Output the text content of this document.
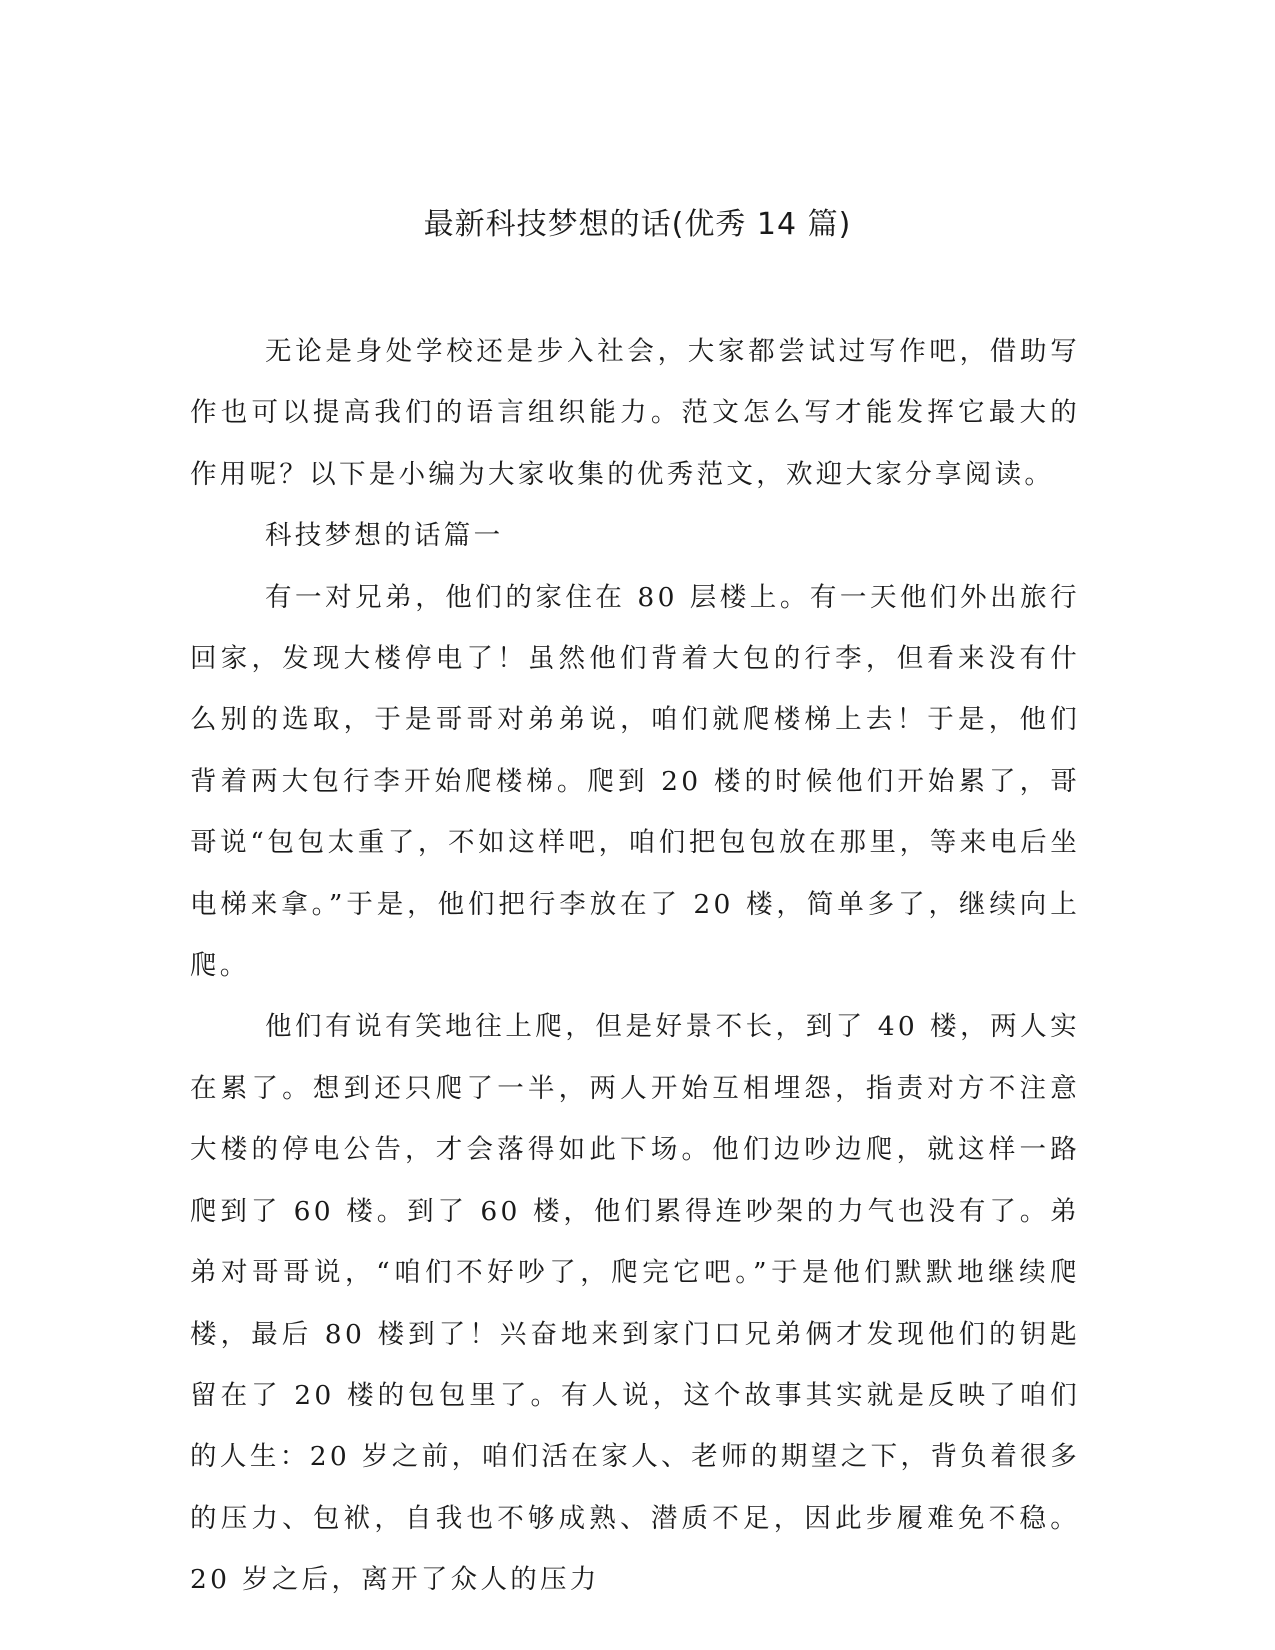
最新科技梦想的话(优秀 14 篇)

无论是身处学校还是步入社会，大家都尝试过写作吧，借助写作也可以提高我们的语言组织能力。范文怎么写才能发挥它最大的作用呢？以下是小编为大家收集的优秀范文，欢迎大家分享阅读。

科技梦想的话篇一

有一对兄弟，他们的家住在 80 层楼上。有一天他们外出旅行回家，发现大楼停电了！虽然他们背着大包的行李，但看来没有什么别的选取，于是哥哥对弟弟说，咱们就爬楼梯上去！于是，他们背着两大包行李开始爬楼梯。爬到 20 楼的时候他们开始累了，哥哥说“包包太重了，不如这样吧，咱们把包包放在那里，等来电后坐电梯来拿。”于是，他们把行李放在了 20 楼，简单多了，继续向上爬。

他们有说有笑地往上爬，但是好景不长，到了 40 楼，两人实在累了。想到还只爬了一半，两人开始互相埋怨，指责对方不注意大楼的停电公告，才会落得如此下场。他们边吵边爬，就这样一路爬到了 60 楼。到了 60 楼，他们累得连吵架的力气也没有了。弟弟对哥哥说，“咱们不好吵了，爬完它吧。”于是他们默默地继续爬楼，最后 80 楼到了！兴奋地来到家门口兄弟俩才发现他们的钥匙留在了 20 楼的包包里了。有人说，这个故事其实就是反映了咱们的人生：20 岁之前，咱们活在家人、老师的期望之下，背负着很多的压力、包袱，自我也不够成熟、潜质不足，因此步履难免不稳。20 岁之后，离开了众人的压力
